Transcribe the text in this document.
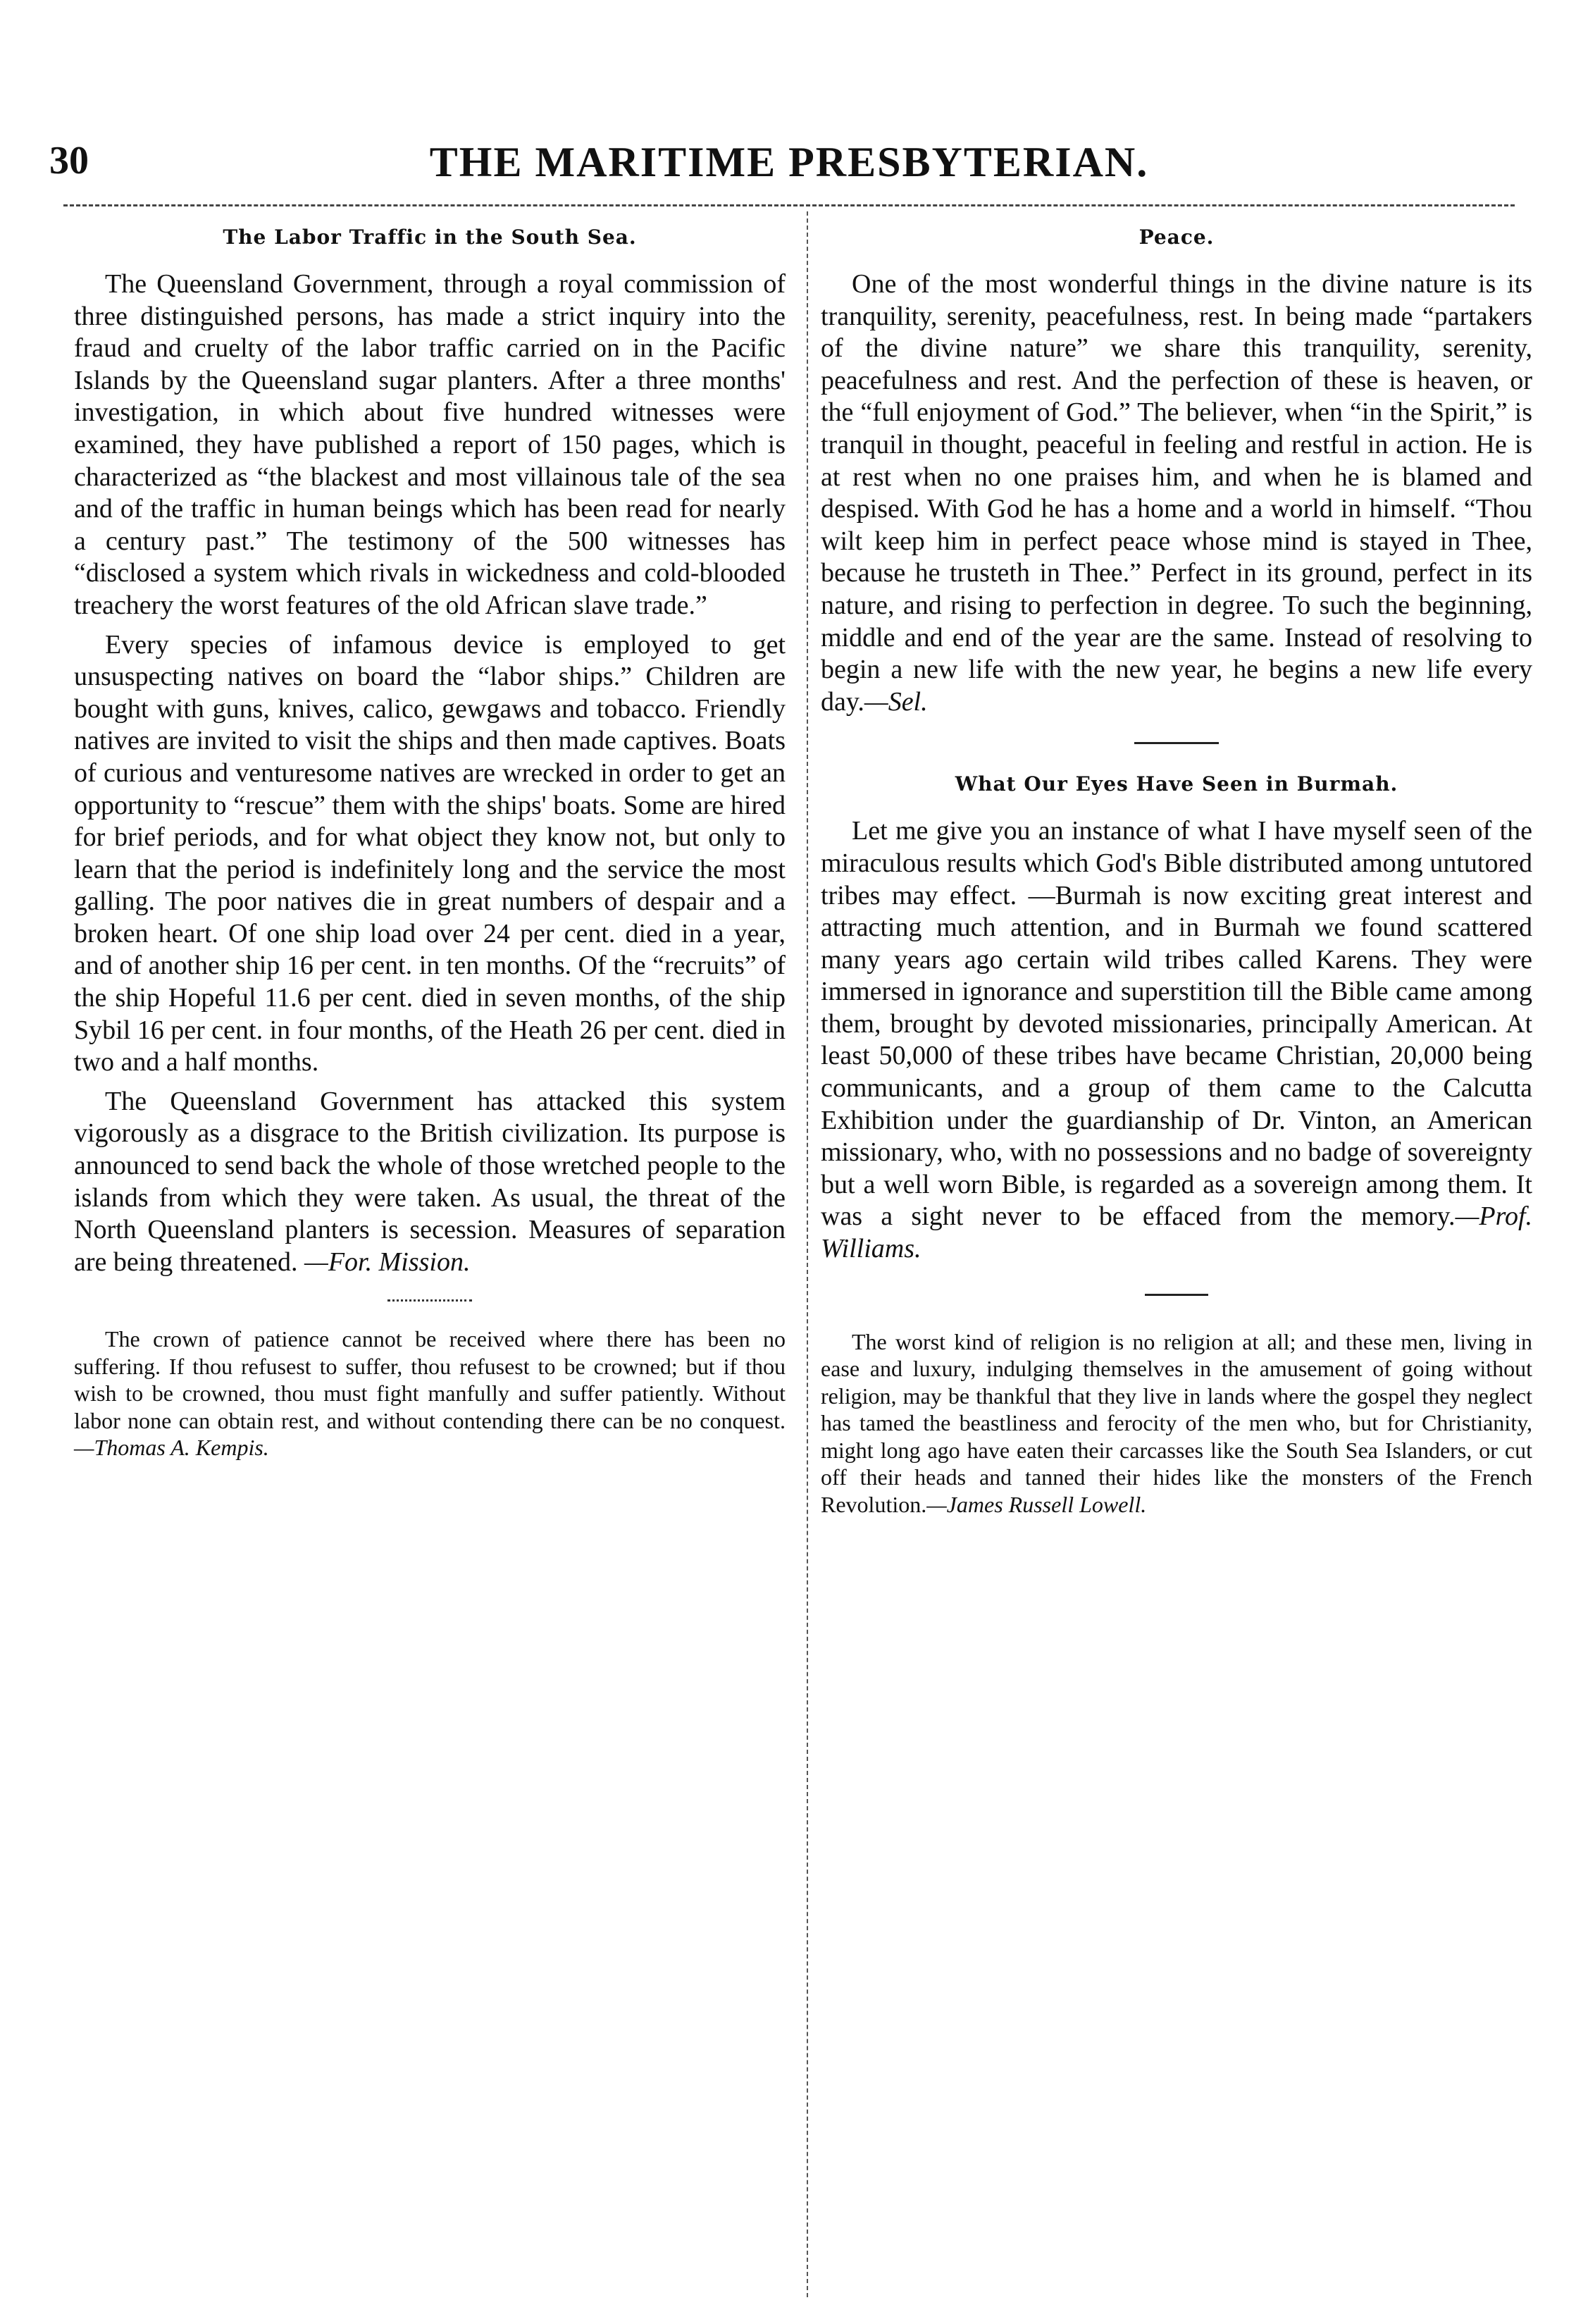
30	THE MARITIME PRESBYTERIAN.
The Labor Traffic in the South Sea.

The Queensland Government, through a royal commission of three distinguished persons, has made a strict inquiry into the fraud and cruelty of the labor traffic carried on in the Pacific Islands by the Queensland sugar planters. After a three months' investigation, in which about five hundred witnesses were examined, they have published a report of 150 pages, which is characterized as “the blackest and most villainous tale of the sea and of the traffic in human beings which has been read for nearly a century past.” The testimony of the 500 witnesses has “disclosed a system which rivals in wickedness and cold-blooded treachery the worst features of the old African slave trade.”

Every species of infamous device is employed to get unsuspecting natives on board the “labor ships.” Children are bought with guns, knives, calico, gewgaws and tobacco. Friendly natives are invited to visit the ships and then made captives. Boats of curious and venturesome natives are wrecked in order to get an opportunity to “rescue” them with the ships' boats. Some are hired for brief periods, and for what object they know not, but only to learn that the period is indefinitely long and the service the most galling. The poor natives die in great numbers of despair and a broken heart. Of one ship load over 24 per cent. died in a year, and of another ship 16 per cent. in ten months. Of the “recruits” of the ship Hopeful 11.6 per cent. died in seven months, of the ship Sybil 16 per cent. in four months, of the Heath 26 per cent. died in two and a half months.

The Queensland Government has attacked this system vigorously as a disgrace to the British civilization. Its purpose is announced to send back the whole of those wretched people to the islands from which they were taken. As usual, the threat of the North Queensland planters is secession. Measures of separation are being threatened. —For. Mission.

The crown of patience cannot be received where there has been no suffering. If thou refusest to suffer, thou refusest to be crowned; but if thou wish to be crowned, thou must fight manfully and suffer patiently. Without labor none can obtain rest, and without contending there can be no conquest. —Thomas A. Kempis.

Peace.

One of the most wonderful things in the divine nature is its tranquility, serenity, peacefulness, rest. In being made “partakers of the divine nature” we share this tranquility, serenity, peacefulness and rest. And the perfection of these is heaven, or the “full enjoyment of God.” The believer, when “in the Spirit,” is tranquil in thought, peaceful in feeling and restful in action. He is at rest when no one praises him, and when he is blamed and despised. With God he has a home and a world in himself. “Thou wilt keep him in perfect peace whose mind is stayed in Thee, because he trusteth in Thee.” Perfect in its ground, perfect in its nature, and rising to perfection in degree. To such the beginning, middle and end of the year are the same. Instead of resolving to begin a new life with the new year, he begins a new life every day.—Sel.

What Our Eyes Have Seen in Burmah.

Let me give you an instance of what I have myself seen of the miraculous results which God's Bible distributed among untutored tribes may effect. —Burmah is now exciting great interest and attracting much attention, and in Burmah we found scattered many years ago certain wild tribes called Karens. They were immersed in ignorance and superstition till the Bible came among them, brought by devoted missionaries, principally American. At least 50,000 of these tribes have became Christian, 20,000 being communicants, and a group of them came to the Calcutta Exhibition under the guardianship of Dr. Vinton, an American missionary, who, with no possessions and no badge of sovereignty but a well worn Bible, is regarded as a sovereign among them. It was a sight never to be effaced from the memory.—Prof. Williams.

The worst kind of religion is no religion at all; and these men, living in ease and luxury, indulging themselves in the amusement of going without religion, may be thankful that they live in lands where the gospel they neglect has tamed the beastliness and ferocity of the men who, but for Christianity, might long ago have eaten their carcasses like the South Sea Islanders, or cut off their heads and tanned their hides like the monsters of the French Revolution.—James Russell Lowell.
